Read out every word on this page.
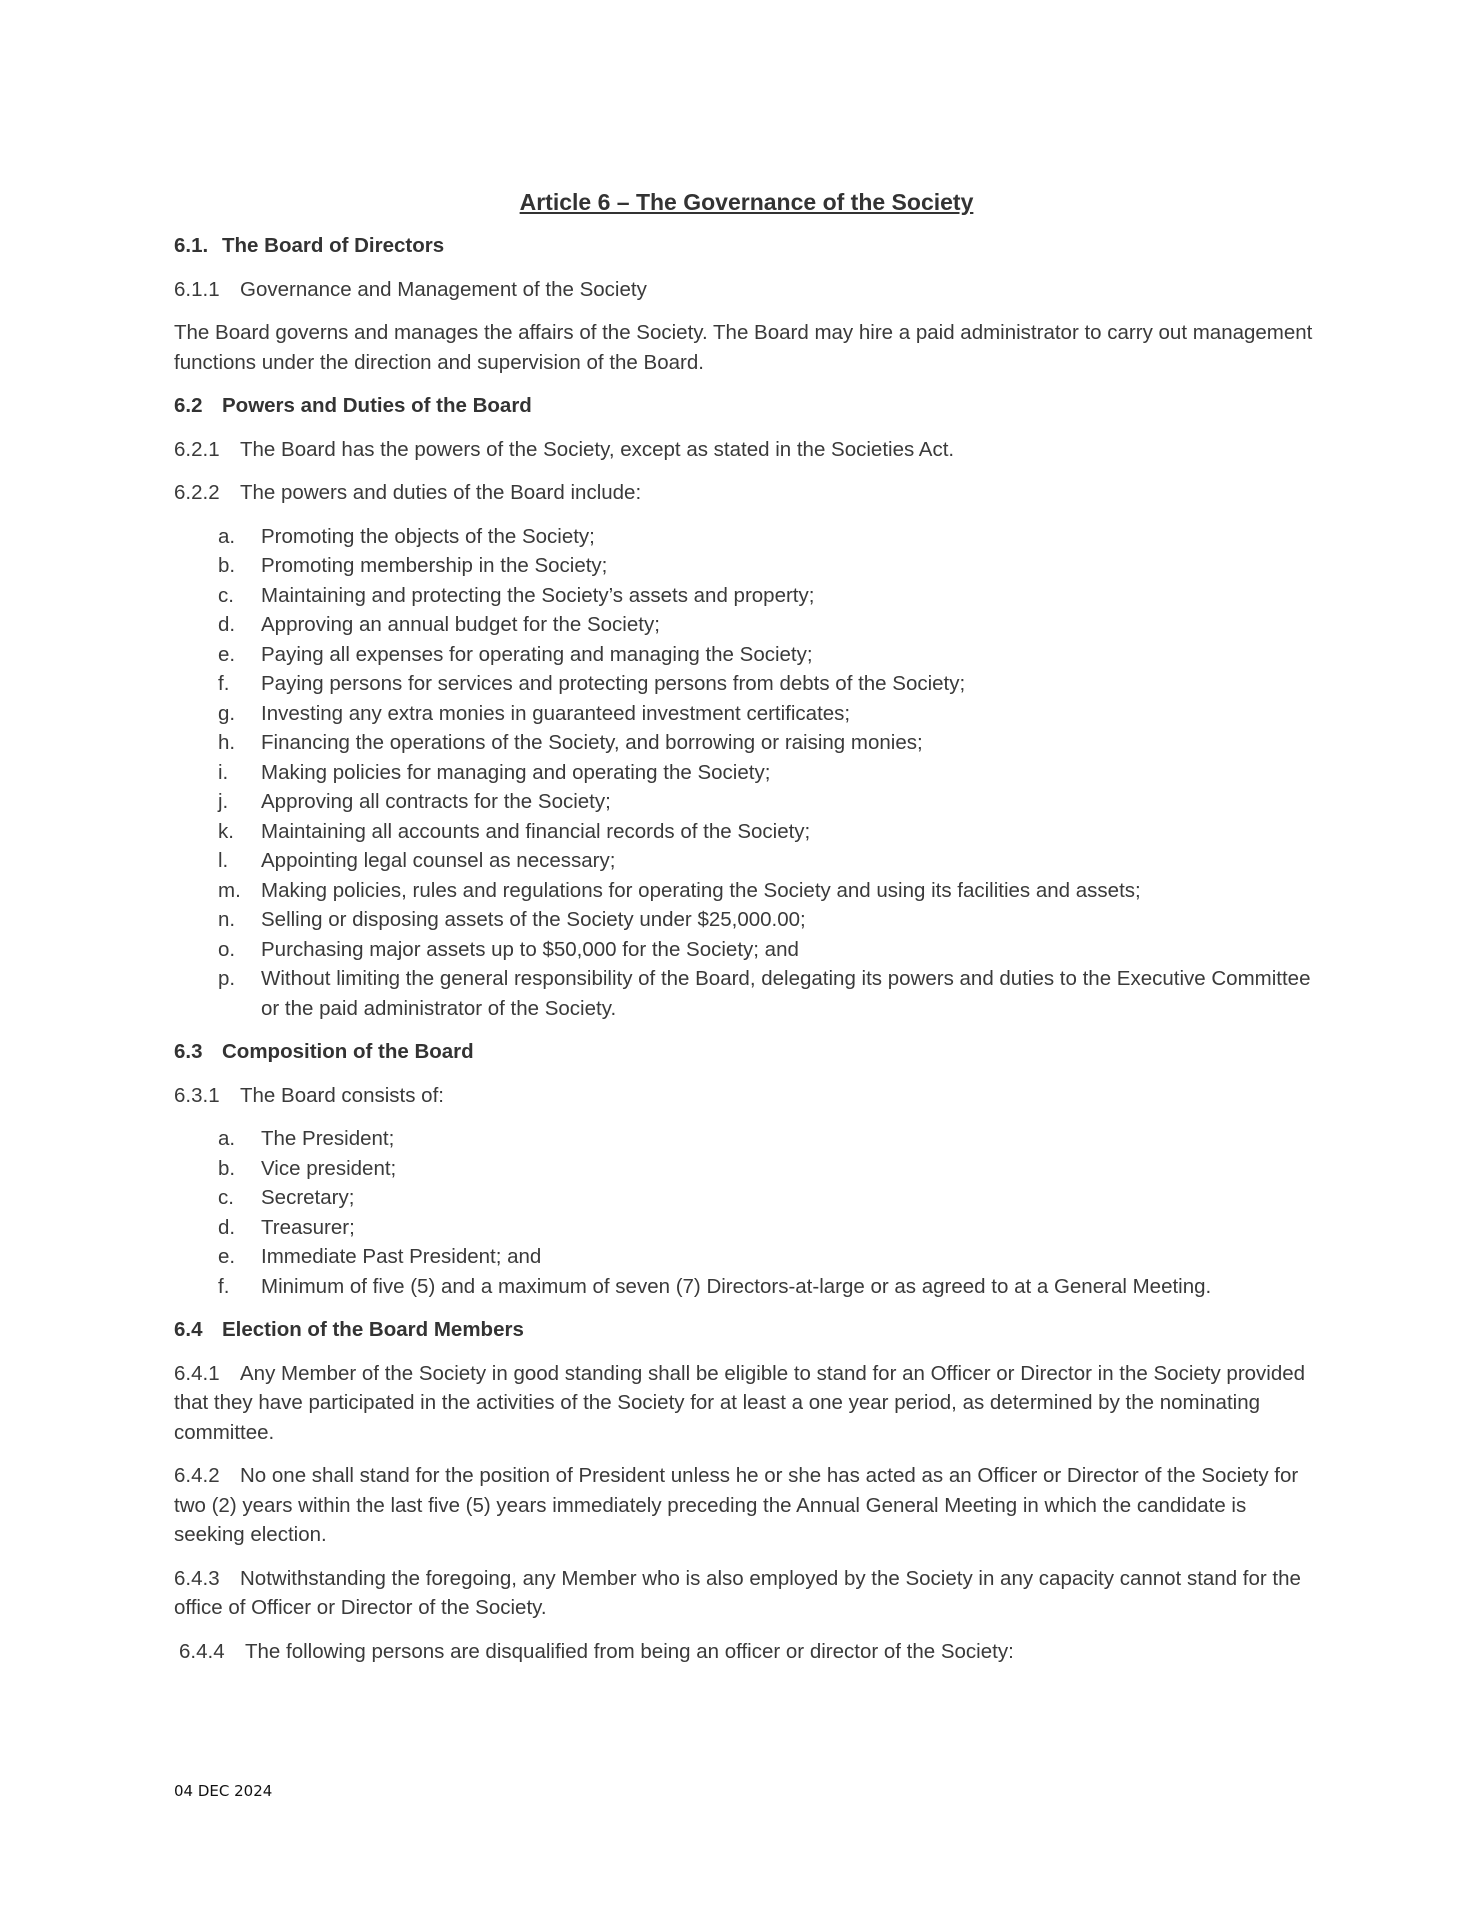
Article 6 – The Governance of the Society
6.1. The Board of Directors
6.1.1 Governance and Management of the Society
The Board governs and manages the affairs of the Society. The Board may hire a paid administrator to carry out management functions under the direction and supervision of the Board.
6.2 Powers and Duties of the Board
6.2.1 The Board has the powers of the Society, except as stated in the Societies Act.
6.2.2 The powers and duties of the Board include:
a. Promoting the objects of the Society;
b. Promoting membership in the Society;
c. Maintaining and protecting the Society’s assets and property;
d. Approving an annual budget for the Society;
e. Paying all expenses for operating and managing the Society;
f. Paying persons for services and protecting persons from debts of the Society;
g. Investing any extra monies in guaranteed investment certificates;
h. Financing the operations of the Society, and borrowing or raising monies;
i. Making policies for managing and operating the Society;
j. Approving all contracts for the Society;
k. Maintaining all accounts and financial records of the Society;
l. Appointing legal counsel as necessary;
m. Making policies, rules and regulations for operating the Society and using its facilities and assets;
n. Selling or disposing assets of the Society under $25,000.00;
o. Purchasing major assets up to $50,000 for the Society; and
p. Without limiting the general responsibility of the Board, delegating its powers and duties to the Executive Committee or the paid administrator of the Society.
6.3 Composition of the Board
6.3.1 The Board consists of:
a. The President;
b. Vice president;
c. Secretary;
d. Treasurer;
e. Immediate Past President; and
f. Minimum of five (5) and a maximum of seven (7) Directors-at-large or as agreed to at a General Meeting.
6.4 Election of the Board Members
6.4.1 Any Member of the Society in good standing shall be eligible to stand for an Officer or Director in the Society provided that they have participated in the activities of the Society for at least a one year period, as determined by the nominating committee.
6.4.2 No one shall stand for the position of President unless he or she has acted as an Officer or Director of the Society for two (2) years within the last five (5) years immediately preceding the Annual General Meeting in which the candidate is seeking election.
6.4.3 Notwithstanding the foregoing, any Member who is also employed by the Society in any capacity cannot stand for the office of Officer or Director of the Society.
6.4.4 The following persons are disqualified from being an officer or director of the Society:
04 DEC 2024
